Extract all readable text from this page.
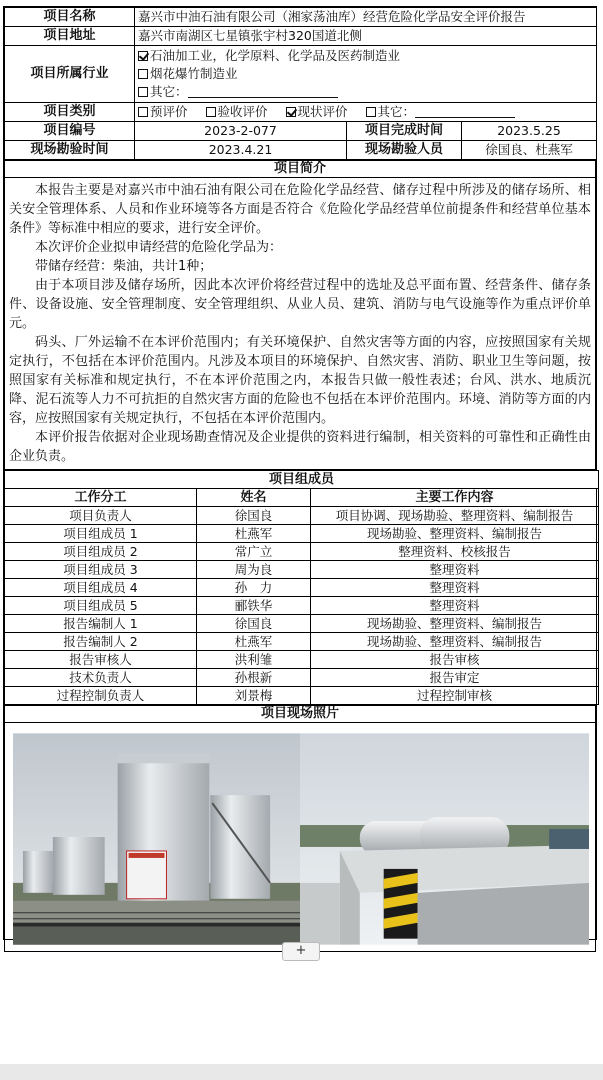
项目名称	嘉兴市中油石油有限公司（湘家荡油库）经营危险化学品安全评价报告		
项目地址	嘉兴市南湖区七星镇张宇村320国道北侧		
项目所属行业	石油加工业，化学原料、化学品及医药制造业
烟花爆竹制造业
其它：		

项目类别	预评价 验收评价 现状评价 其它：		
项目编号	2023-2-077	项目完成时间	2023.5.25
现场勘验时间	2023.4.21	现场勘验人员	徐国良、杜燕军
项目简介

本报告主要是对嘉兴市中油石油有限公司在危险化学品经营、储存过程中所涉及的储存场所、相关安全管理体系、人员和作业环境等各方面是否符合《危险化学品经营单位前提条件和经营单位基本条件》等标准中相应的要求，进行安全评价。

本次评价企业拟申请经营的危险化学品为：

带储存经营：柴油，共计1种；

由于本项目涉及储存场所，因此本次评价将经营过程中的选址及总平面布置、经营条件、储存条件、设备设施、安全管理制度、安全管理组织、从业人员、建筑、消防与电气设施等作为重点评价单元。

码头、厂外运输不在本评价范围内；有关环境保护、自然灾害等方面的内容，应按照国家有关规定执行，不包括在本评价范围内。凡涉及本项目的环境保护、自然灾害、消防、职业卫生等问题，按照国家有关标准和规定执行，不在本评价范围之内，本报告只做一般性表述；台风、洪水、地质沉降、泥石流等人力不可抗拒的自然灾害方面的危险也不包括在本评价范围内。环境、消防等方面的内容，应按照国家有关规定执行，不包括在本评价范围内。

本评价报告依据对企业现场勘查情况及企业提供的资料进行编制，相关资料的可靠性和正确性由企业负责。

项目组成员		
工作分工	姓名	主要工作内容
项目负责人	徐国良	项目协调、现场勘验、整理资料、编制报告
项目组成员 1	杜燕军	现场勘验、整理资料、编制报告
项目组成员 2	常广立	整理资料、校核报告
项目组成员 3	周为良	整理资料
项目组成员 4	孙　力	整理资料
项目组成员 5	郦铁华	整理资料
报告编制人 1	徐国良	现场勘验、整理资料、编制报告
报告编制人 2	杜燕军	现场勘验、整理资料、编制报告
报告审核人	洪利雏	报告审核
技术负责人	孙根新	报告审定
过程控制负责人	刘景梅	过程控制审核
项目现场照片

+
